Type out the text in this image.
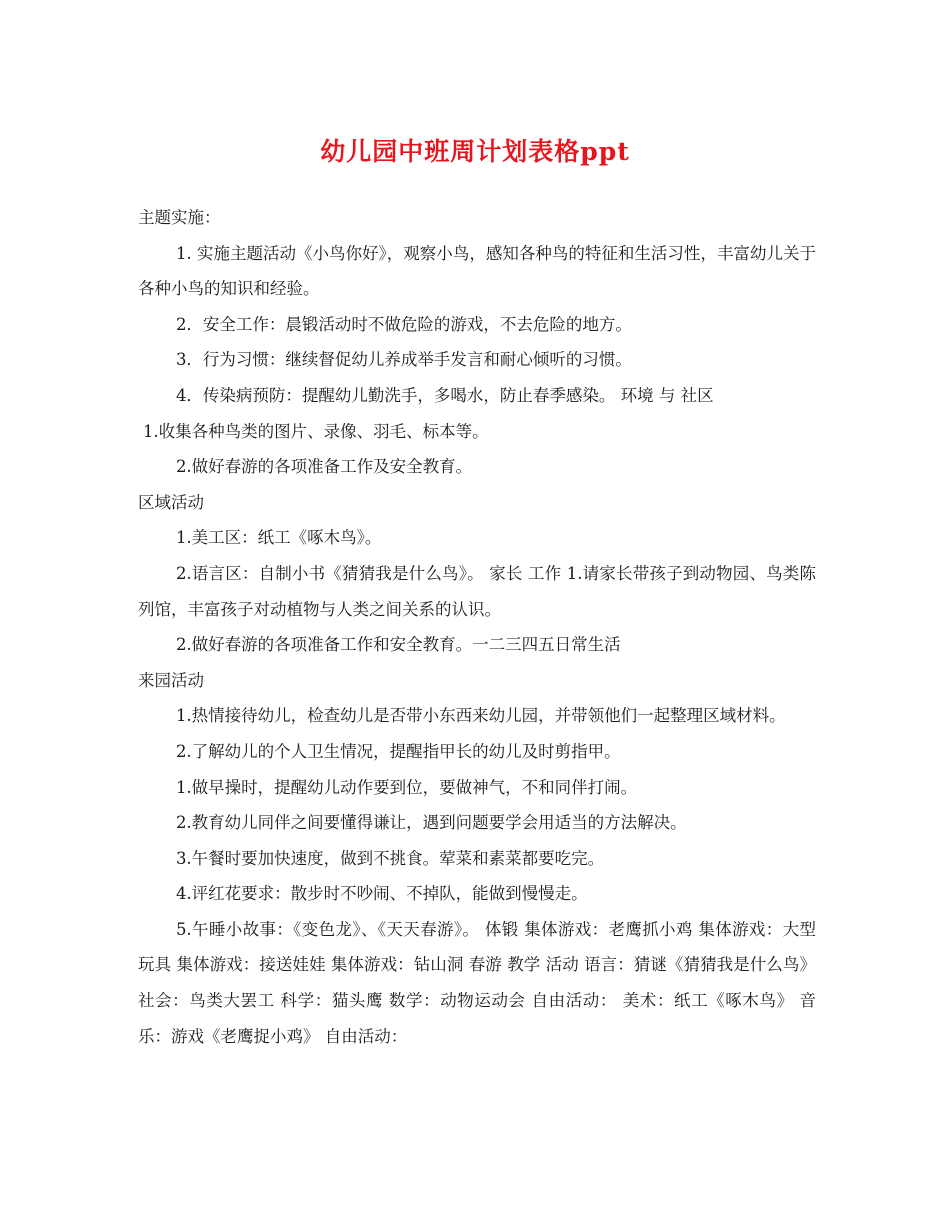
幼儿园中班周计划表格ppt

主题实施：

1. 实施主题活动《小鸟你好》，观察小鸟，感知各种鸟的特征和生活习性，丰富幼儿关于各种小鸟的知识和经验。

2．安全工作：晨锻活动时不做危险的游戏，不去危险的地方。

3．行为习惯：继续督促幼儿养成举手发言和耐心倾听的习惯。

4．传染病预防：提醒幼儿勤洗手，多喝水，防止春季感染。 环境 与 社区

1.收集各种鸟类的图片、录像、羽毛、标本等。

2.做好春游的各项准备工作及安全教育。

区域活动

1.美工区：纸工《啄木鸟》。

2.语言区：自制小书《猜猜我是什么鸟》。 家长 工作 1.请家长带孩子到动物园、鸟类陈列馆，丰富孩子对动植物与人类之间关系的认识。

2.做好春游的各项准备工作和安全教育。一二三四五日常生活

来园活动

1.热情接待幼儿，检查幼儿是否带小东西来幼儿园，并带领他们一起整理区域材料。

2.了解幼儿的个人卫生情况，提醒指甲长的幼儿及时剪指甲。

1.做早操时，提醒幼儿动作要到位，要做神气，不和同伴打闹。

2.教育幼儿同伴之间要懂得谦让，遇到问题要学会用适当的方法解决。

3.午餐时要加快速度，做到不挑食。荤菜和素菜都要吃完。

4.评红花要求：散步时不吵闹、不掉队，能做到慢慢走。

5.午睡小故事：《变色龙》、《天天春游》。 体锻 集体游戏：老鹰抓小鸡 集体游戏：大型玩具 集体游戏：接送娃娃 集体游戏：钻山洞 春游 教学 活动 语言：猜谜《猜猜我是什么鸟》 社会：鸟类大罢工 科学：猫头鹰 数学：动物运动会 自由活动： 美术：纸工《啄木鸟》 音乐：游戏《老鹰捉小鸡》 自由活动：
